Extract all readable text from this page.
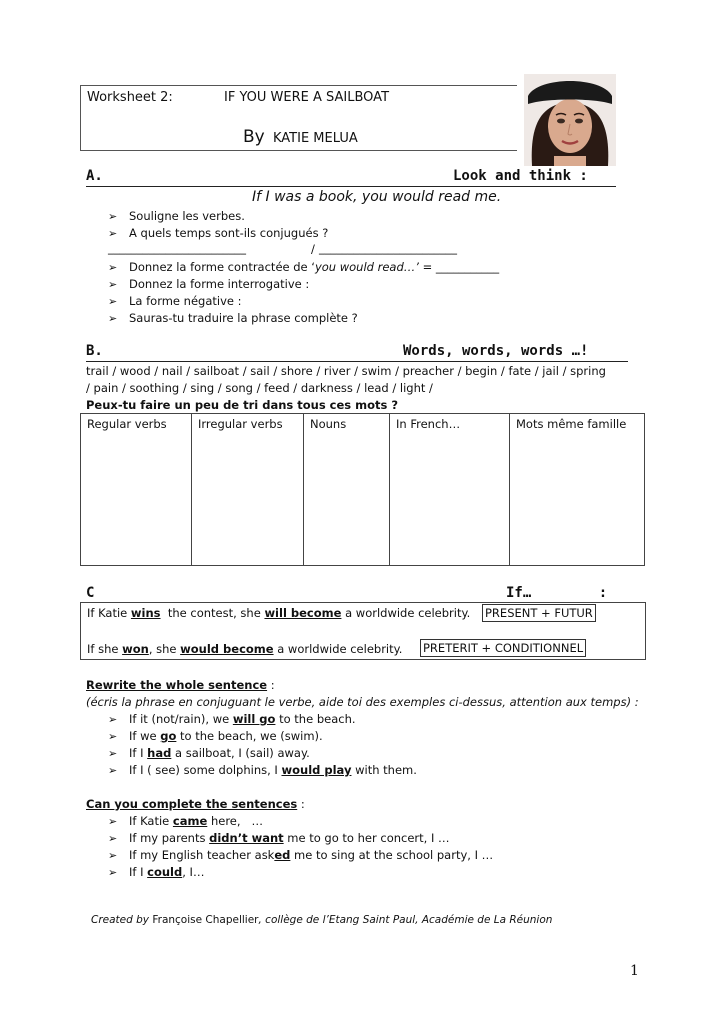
Worksheet 2:	IF YOU WERE A SAILBOAT
By KATIE MELUA
A.	Look and think :
If I was a book, you would read me.
➢ Souligne les verbes.
➢ A quels temps sont-ils conjugués ?
________________________	/ ________________________
➢ Donnez la forme contractée de ‘you would read…’ = ___________
➢ Donnez la forme interrogative :
➢ La forme négative :
➢ Sauras-tu traduire la phrase complète ?
B.	Words, words, words …!
trail / wood / nail / sailboat / sail / shore / river / swim / preacher / begin / fate / jail / spring
/ pain / soothing / sing / song / feed / darkness / lead / light /
Peux-tu faire un peu de tri dans tous ces mots ?
Regular verbs	Irregular verbs	Nouns	In French…	Mots même famille
C	If…        :
If Katie wins  the contest, she will become a worldwide celebrity. PRESENT + FUTUR
If she won, she would become a worldwide celebrity. PRETERIT + CONDITIONNEL
Rewrite the whole sentence :
(écris la phrase en conjuguant le verbe, aide toi des exemples ci-dessus, attention aux temps) :
➢ If it (not/rain), we will go to the beach.
➢ If we go to the beach, we (swim).
➢ If I had a sailboat, I (sail) away.
➢ If I ( see) some dolphins, I would play with them.
Can you complete the sentences :
➢ If Katie came here,   …
➢ If my parents didn’t want me to go to her concert, I …
➢ If my English teacher asked me to sing at the school party, I …
➢ If I could, I…
Created by Françoise Chapellier, collège de l’Etang Saint Paul, Académie de La Réunion
1
